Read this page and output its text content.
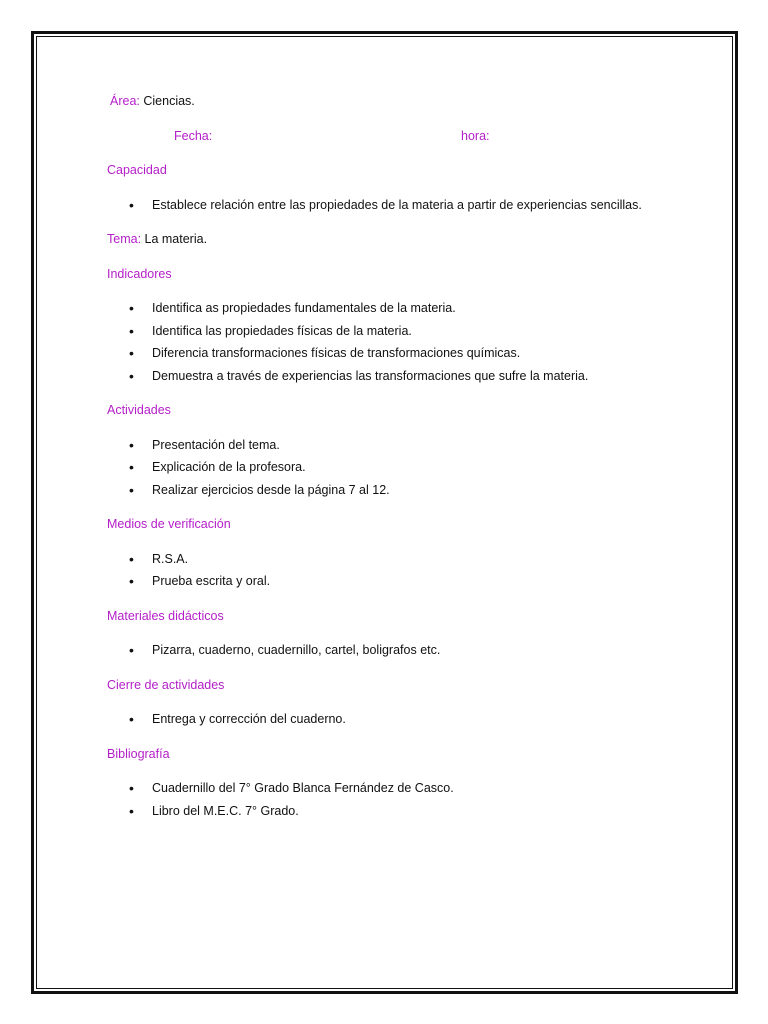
Área: Ciencias.
Fecha:	hora:
Capacidad
• Establece relación entre las propiedades de la materia a partir de experiencias sencillas.
Tema: La materia.
Indicadores
• Identifica as propiedades fundamentales de la materia.
• Identifica las propiedades físicas de la materia.
• Diferencia transformaciones físicas de transformaciones químicas.
• Demuestra a través de experiencias las transformaciones que sufre la materia.
Actividades
• Presentación del tema.
• Explicación de la profesora.
• Realizar ejercicios desde la página 7 al 12.
Medios de verificación
• R.S.A.
• Prueba escrita y oral.
Materiales didácticos
• Pizarra, cuaderno, cuadernillo, cartel, boligrafos etc.
Cierre de actividades
• Entrega y corrección del cuaderno.
Bibliografía
• Cuadernillo del 7° Grado Blanca Fernández de Casco.
• Libro del M.E.C. 7° Grado.
